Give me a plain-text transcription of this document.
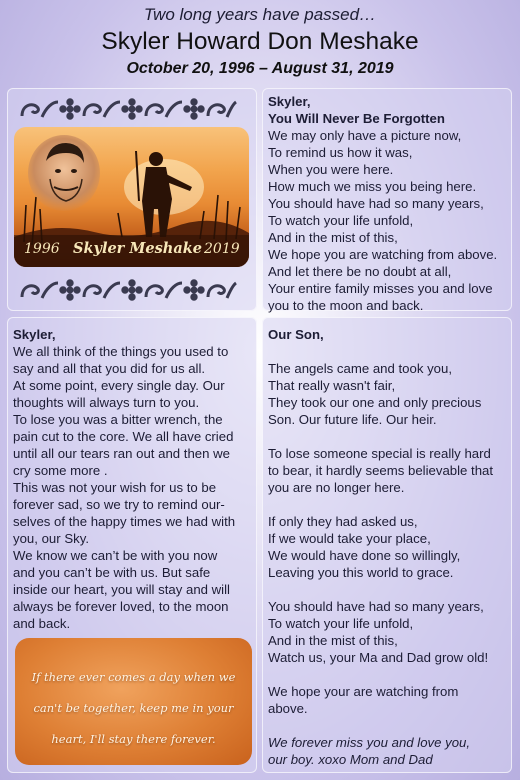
Two long years have passed…
Skyler Howard Don Meshake
October 20, 1996 – August 31, 2019
1996 Skyler Meshake 2019

Skyler,

You Will Never Be Forgotten

We may only have a picture now,

To remind us how it was,

When you were here.

How much we miss you being here.

You should have had so many years,

To watch your life unfold,

And in the mist of this,

We hope you are watching from above.

And let there be no doubt at all,

Your entire family misses you and love

you to the moon and back.

Skyler,

We all think of the things you used to

say and all that you did for us all.

At some point, every single day. Our

thoughts will always turn to you.

To lose you was a bitter wrench, the

pain cut to the core. We all have cried

until all our tears ran out and then we

cry some more .

This was not your wish for us to be

forever sad, so we try to remind our-

selves of the happy times we had with

you, our Sky.

We know we can’t be with you now

and you can’t be with us. But safe

inside our heart, you will stay and will

always be forever loved, to the moon

and back.

If there ever comes a day when we
can't be together, keep me in your
heart, I'll stay there forever.

Our Son,

The angels came and took you,

That really wasn't fair,

They took our one and only precious

Son. Our future life. Our heir.

To lose someone special is really hard

to bear, it hardly seems believable that

you are no longer here.

If only they had asked us,

If we would take your place,

We would have done so willingly,

Leaving you this world to grace.

You should have had so many years,

To watch your life unfold,

And in the mist of this,

Watch us, your Ma and Dad grow old!

We hope your are watching from

above.

We forever miss you and love you,

our boy. xoxo Mom and Dad
